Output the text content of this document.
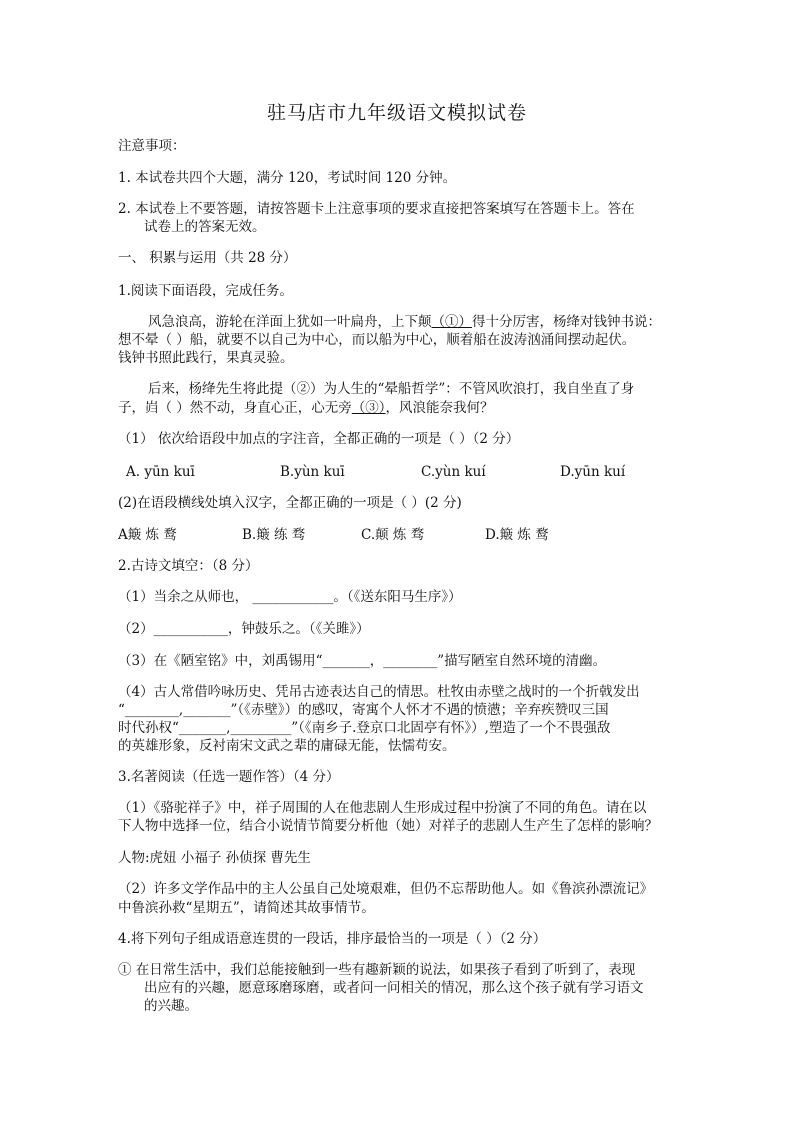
驻马店市九年级语文模拟试卷
注意事项：
1. 本试卷共四个大题，满分 120，考试时间 120 分钟。
2. 本试卷上不要答题，请按答题卡上注意事项的要求直接把答案填写在答题卡上。答在
试卷上的答案无效。
一、 积累与运用（共 28 分）
1.阅读下面语段，完成任务。
风急浪高，游轮在洋面上犹如一叶扁舟，上下颠（①）得十分厉害，杨绛对钱钟书说：
想不晕（ ）船，就要不以自己为中心，而以船为中心，顺着船在波涛汹涌间摆动起伏。
钱钟书照此践行，果真灵验。
后来，杨绛先生将此提（②）为人生的“晕船哲学”：不管风吹浪打，我自坐直了身
子，岿（ ）然不动，身直心正，心无旁（③），风浪能奈我何？
（1） 依次给语段中加点的字注音，全都正确的一项是（ ）（2 分）
A. yūn kuī	B.yùn kuī	C.yùn kuí	D.yūn kuí
(2)在语段横线处填入汉字，全都正确的一项是（ ）(2 分)
A簸 炼 鹜	B.簸 练 骛	C.颠 炼 骛	D.簸 炼 鹜
2.古诗文填空：（8 分）
（1）当余之从师也， ____________。（《送东阳马生序》）
（2）___________，钟鼓乐之。（《关雎》）
（3）在《陋室铭》中，刘禹锡用“_______，________”描写陋室自然环境的清幽。
（4）古人常借吟咏历史、凭吊古迹表达自己的情思。杜牧由赤壁之战时的一个折戟发出
“________,_______”（《赤壁》）的感叹，寄寓个人怀才不遇的愤懑；辛弃疾赞叹三国
时代孙权“_______,_________”（《南乡子.登京口北固亭有怀》）,塑造了一个不畏强敌
的英雄形象，反衬南宋文武之辈的庸碌无能，怯懦苟安。
3.名著阅读（任选一题作答）（4 分）
（1）《骆驼祥子》中，祥子周围的人在他悲剧人生形成过程中扮演了不同的角色。请在以
下人物中选择一位，结合小说情节简要分析他（她）对祥子的悲剧人生产生了怎样的影响？
人物:虎妞 小福子 孙侦探 曹先生
（2）许多文学作品中的主人公虽自己处境艰难，但仍不忘帮助他人。如《鲁滨孙漂流记》
中鲁滨孙救“星期五”，请简述其故事情节。
4.将下列句子组成语意连贯的一段话，排序最恰当的一项是（ ）（2 分）
① 在日常生活中，我们总能接触到一些有趣新颖的说法，如果孩子看到了听到了，表现
出应有的兴趣，愿意琢磨琢磨，或者问一问相关的情况，那么这个孩子就有学习语文
的兴趣。
